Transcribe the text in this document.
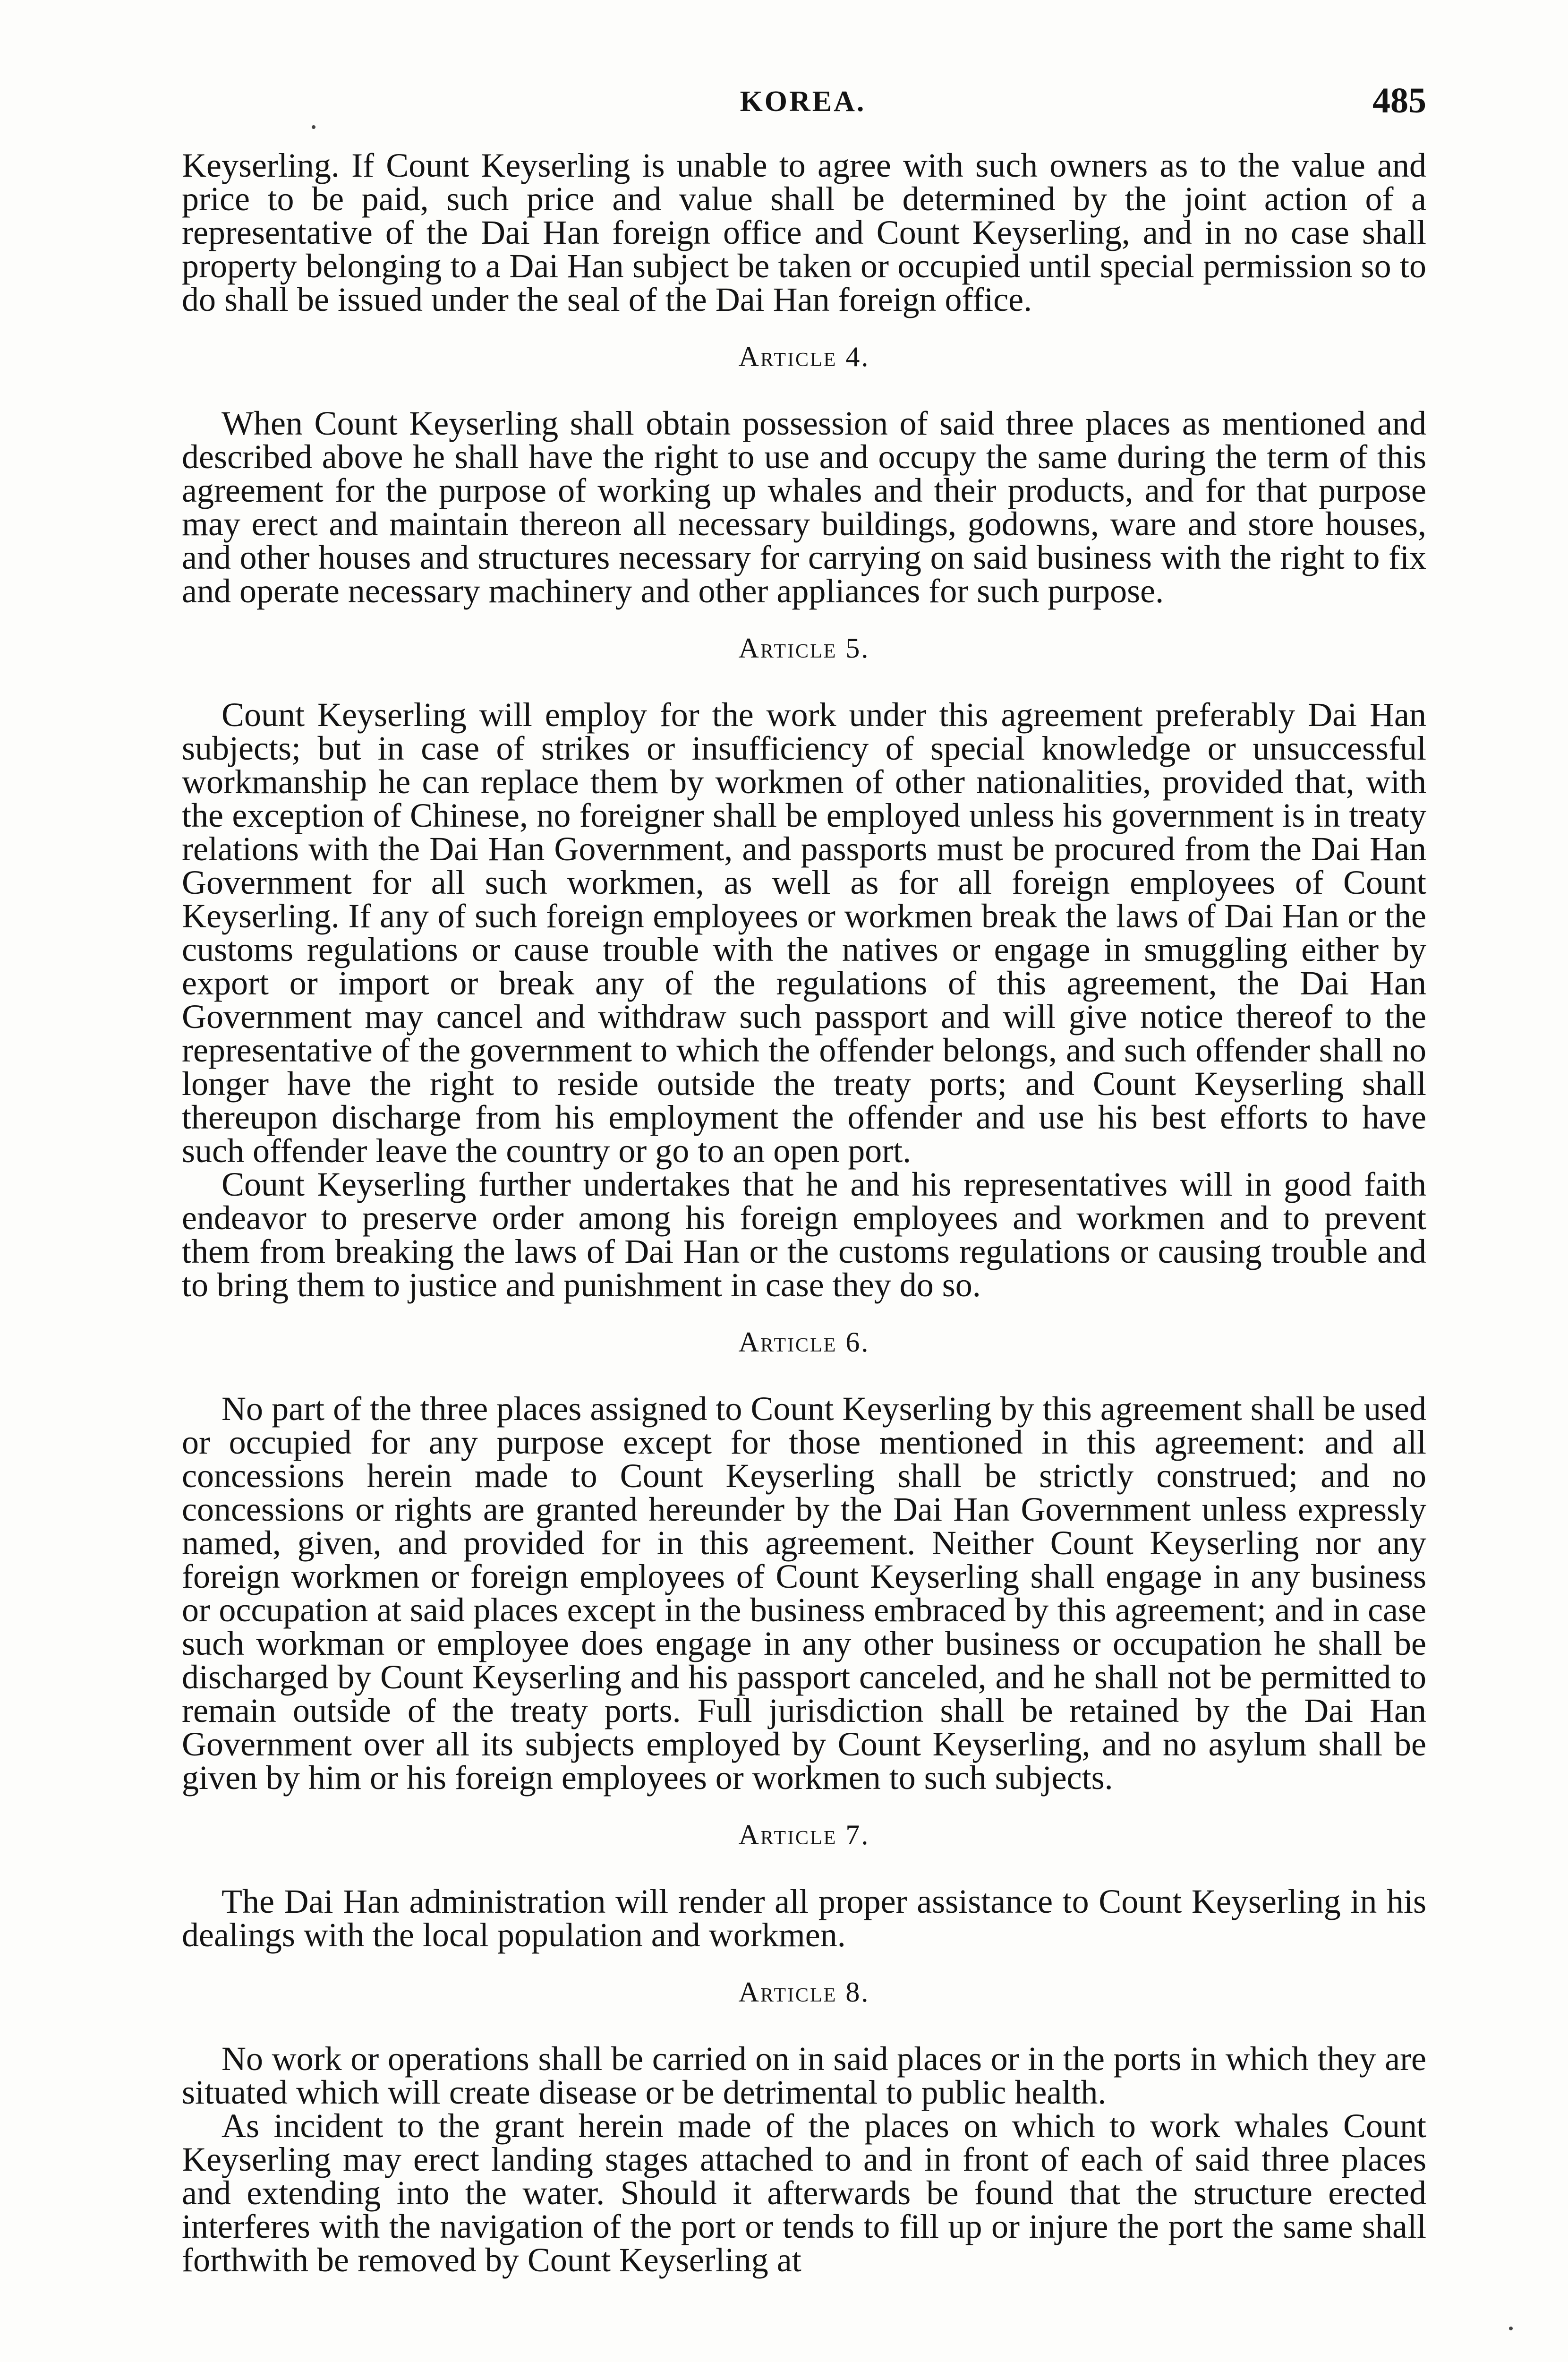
KOREA.	485

Keyserling. If Count Keyserling is unable to agree with such owners as to the value and price to be paid, such price and value shall be determined by the joint action of a representative of the Dai Han foreign office and Count Keyserling, and in no case shall property belonging to a Dai Han subject be taken or occupied until special permission so to do shall be issued under the seal of the Dai Han foreign office.

Article 4.

When Count Keyserling shall obtain possession of said three places as mentioned and described above he shall have the right to use and occupy the same during the term of this agreement for the purpose of working up whales and their products, and for that purpose may erect and maintain thereon all necessary buildings, godowns, ware and store houses, and other houses and structures necessary for carrying on said business with the right to fix and operate necessary machinery and other appliances for such purpose.

Article 5.

Count Keyserling will employ for the work under this agreement preferably Dai Han subjects; but in case of strikes or insufficiency of special knowledge or unsuccessful workmanship he can replace them by workmen of other nationalities, provided that, with the exception of Chinese, no foreigner shall be employed unless his government is in treaty relations with the Dai Han Government, and passports must be procured from the Dai Han Government for all such workmen, as well as for all foreign employees of Count Keyserling. If any of such foreign employees or workmen break the laws of Dai Han or the customs regulations or cause trouble with the natives or engage in smuggling either by export or import or break any of the regulations of this agreement, the Dai Han Government may cancel and withdraw such passport and will give notice thereof to the representative of the government to which the offender belongs, and such offender shall no longer have the right to reside outside the treaty ports; and Count Keyserling shall thereupon discharge from his employment the offender and use his best efforts to have such offender leave the country or go to an open port.

Count Keyserling further undertakes that he and his representatives will in good faith endeavor to preserve order among his foreign employees and workmen and to prevent them from breaking the laws of Dai Han or the customs regulations or causing trouble and to bring them to justice and punishment in case they do so.

Article 6.

No part of the three places assigned to Count Keyserling by this agreement shall be used or occupied for any purpose except for those mentioned in this agreement: and all concessions herein made to Count Keyserling shall be strictly construed; and no concessions or rights are granted hereunder by the Dai Han Government unless expressly named, given, and provided for in this agreement. Neither Count Keyserling nor any foreign workmen or foreign employees of Count Keyserling shall engage in any business or occupation at said places except in the business embraced by this agreement; and in case such workman or employee does engage in any other business or occupation he shall be discharged by Count Keyserling and his passport canceled, and he shall not be permitted to remain outside of the treaty ports. Full jurisdiction shall be retained by the Dai Han Government over all its subjects employed by Count Keyserling, and no asylum shall be given by him or his foreign employees or workmen to such subjects.

Article 7.

The Dai Han administration will render all proper assistance to Count Keyserling in his dealings with the local population and workmen.

Article 8.

No work or operations shall be carried on in said places or in the ports in which they are situated which will create disease or be detrimental to public health.

As incident to the grant herein made of the places on which to work whales Count Keyserling may erect landing stages attached to and in front of each of said three places and extending into the water. Should it afterwards be found that the structure erected interferes with the navigation of the port or tends to fill up or injure the port the same shall forthwith be removed by Count Keyserling at
